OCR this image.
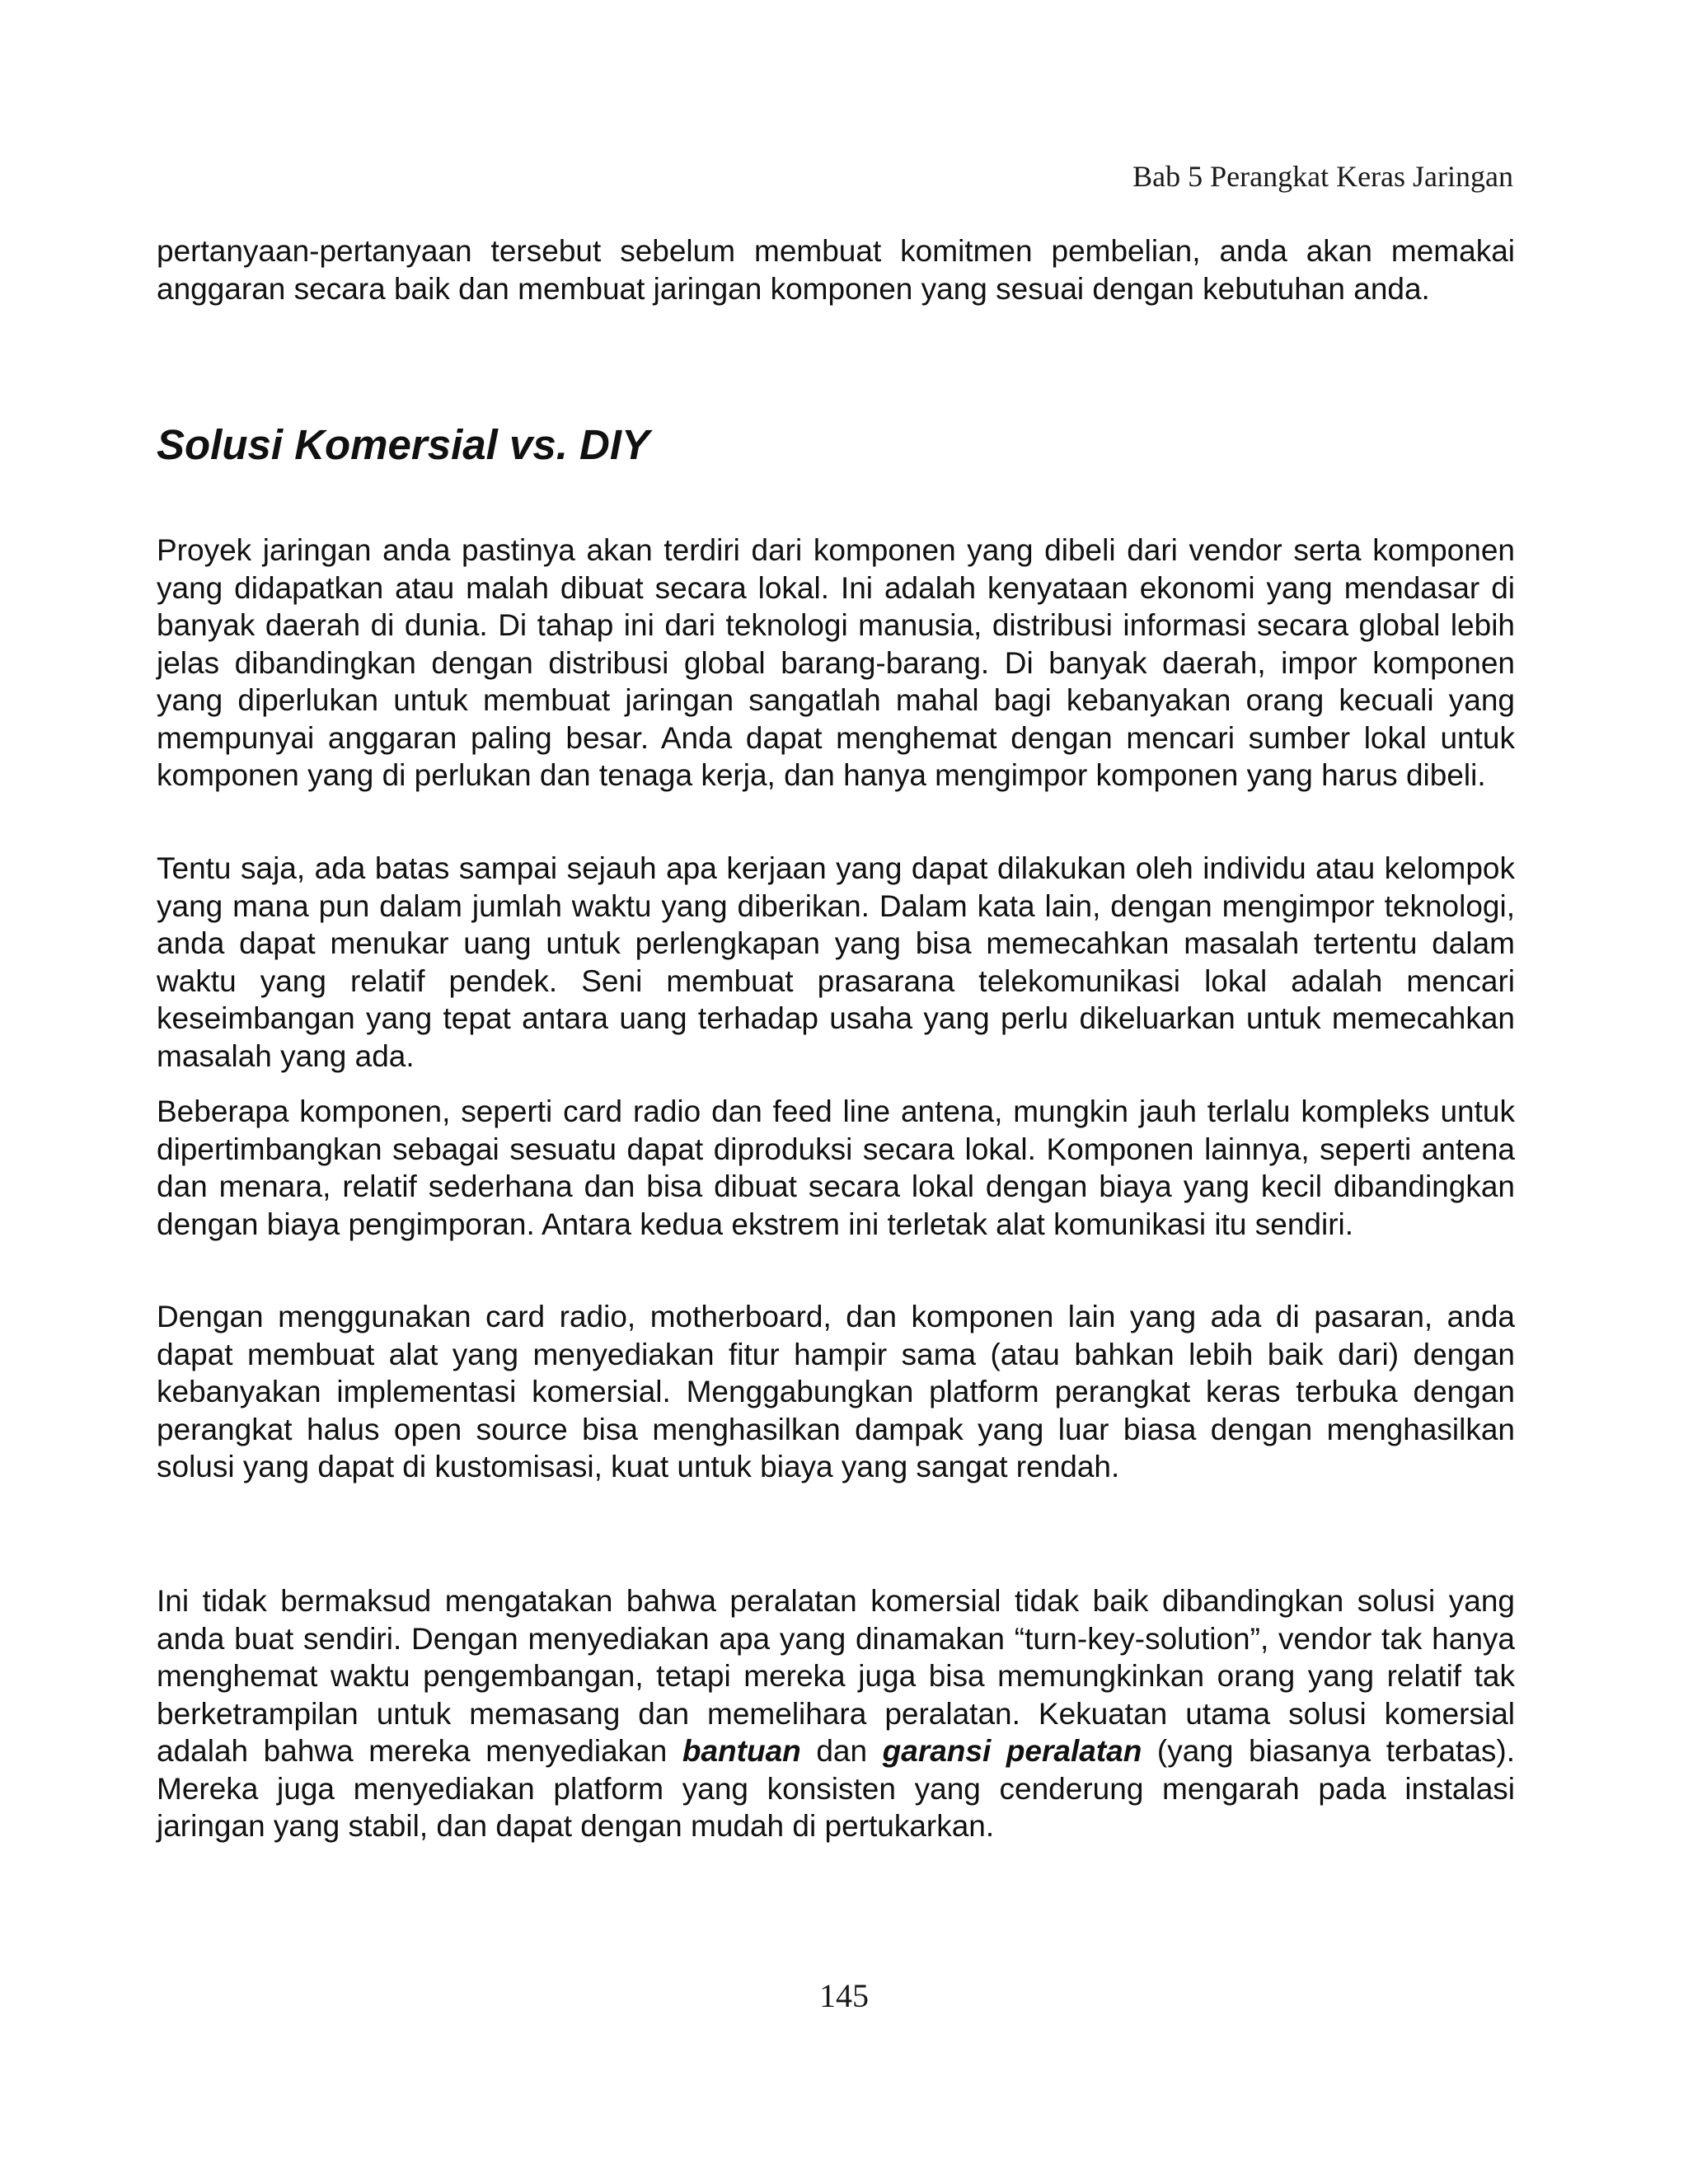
Bab 5 Perangkat Keras Jaringan

pertanyaan-pertanyaan tersebut sebelum membuat komitmen pembelian, anda akan memakai anggaran secara baik dan membuat jaringan komponen yang sesuai dengan kebutuhan anda.

Solusi Komersial vs. DIY

Proyek jaringan anda pastinya akan terdiri dari komponen yang dibeli dari vendor serta komponen yang didapatkan atau malah dibuat secara lokal. Ini adalah kenyataan ekonomi yang mendasar di banyak daerah di dunia. Di tahap ini dari teknologi manusia, distribusi informasi secara global lebih jelas dibandingkan dengan distribusi global barang-barang. Di banyak daerah, impor komponen yang diperlukan untuk membuat jaringan sangatlah mahal bagi kebanyakan orang kecuali yang mempunyai anggaran paling besar. Anda dapat menghemat dengan mencari sumber lokal untuk komponen yang di perlukan dan tenaga kerja, dan hanya mengimpor komponen yang harus dibeli.

Tentu saja, ada batas sampai sejauh apa kerjaan yang dapat dilakukan oleh individu atau kelompok yang mana pun dalam jumlah waktu yang diberikan. Dalam kata lain, dengan mengimpor teknologi, anda dapat menukar uang untuk perlengkapan yang bisa memecahkan masalah tertentu dalam waktu yang relatif pendek. Seni membuat prasarana telekomunikasi lokal adalah mencari keseimbangan yang tepat antara uang terhadap usaha yang perlu dikeluarkan untuk memecahkan masalah yang ada.

Beberapa komponen, seperti card radio dan feed line antena, mungkin jauh terlalu kompleks untuk dipertimbangkan sebagai sesuatu dapat diproduksi secara lokal. Komponen lainnya, seperti antena dan menara, relatif sederhana dan bisa dibuat secara lokal dengan biaya yang kecil dibandingkan dengan biaya pengimporan. Antara kedua ekstrem ini terletak alat komunikasi itu sendiri.

Dengan menggunakan card radio, motherboard, dan komponen lain yang ada di pasaran, anda dapat membuat alat yang menyediakan fitur hampir sama (atau bahkan lebih baik dari) dengan kebanyakan implementasi komersial. Menggabungkan platform perangkat keras terbuka dengan perangkat halus open source bisa menghasilkan dampak yang luar biasa dengan menghasilkan solusi yang dapat di kustomisasi, kuat untuk biaya yang sangat rendah.

Ini tidak bermaksud mengatakan bahwa peralatan komersial tidak baik dibandingkan solusi yang anda buat sendiri. Dengan menyediakan apa yang dinamakan “turn-key-solution”, vendor tak hanya menghemat waktu pengembangan, tetapi mereka juga bisa memungkinkan orang yang relatif tak berketrampilan untuk memasang dan memelihara peralatan. Kekuatan utama solusi komersial adalah bahwa mereka menyediakan bantuan dan garansi peralatan (yang biasanya terbatas). Mereka juga menyediakan platform yang konsisten yang cenderung mengarah pada instalasi jaringan yang stabil, dan dapat dengan mudah di pertukarkan.

145
